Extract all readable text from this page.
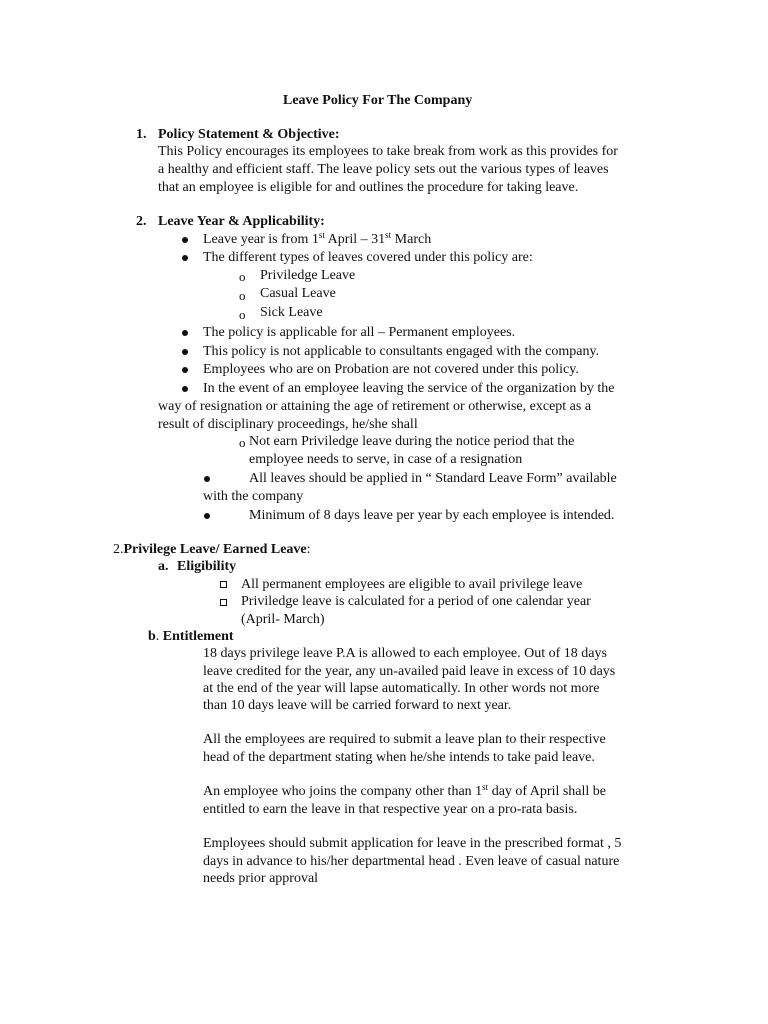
Leave Policy For The Company
1. Policy Statement & Objective:
This Policy encourages its employees to take break from work as this provides for
a healthy and efficient staff. The leave policy sets out the various types of leaves
that an employee is eligible for and outlines the procedure for taking leave.
2. Leave Year & Applicability:
Leave year is from 1st April – 31st March
The different types of leaves covered under this policy are:
o Priviledge Leave
o Casual Leave
o Sick Leave
The policy is applicable for all – Permanent employees.
This policy is not applicable to consultants engaged with the company.
Employees who are on Probation are not covered under this policy.
In the event of an employee leaving the service of the organization by the
way of resignation or attaining the age of retirement or otherwise, except as a
result of disciplinary proceedings, he/she shall
o Not earn Priviledge leave during the notice period that the
employee needs to serve, in case of a resignation
All leaves should be applied in “ Standard Leave Form” available
with the company
Minimum of 8 days leave per year by each employee is intended.
2.Privilege Leave/ Earned Leave:
a. Eligibility
All permanent employees are eligible to avail privilege leave
Priviledge leave is calculated for a period of one calendar year
(April- March)
b. Entitlement
18 days privilege leave P.A is allowed to each employee. Out of 18 days
leave credited for the year, any un-availed paid leave in excess of 10 days
at the end of the year will lapse automatically. In other words not more
than 10 days leave will be carried forward to next year.
All the employees are required to submit a leave plan to their respective
head of the department stating when he/she intends to take paid leave.
An employee who joins the company other than 1st day of April shall be
entitled to earn the leave in that respective year on a pro-rata basis.
Employees should submit application for leave in the prescribed format , 5
days in advance to his/her departmental head . Even leave of casual nature
needs prior approval
